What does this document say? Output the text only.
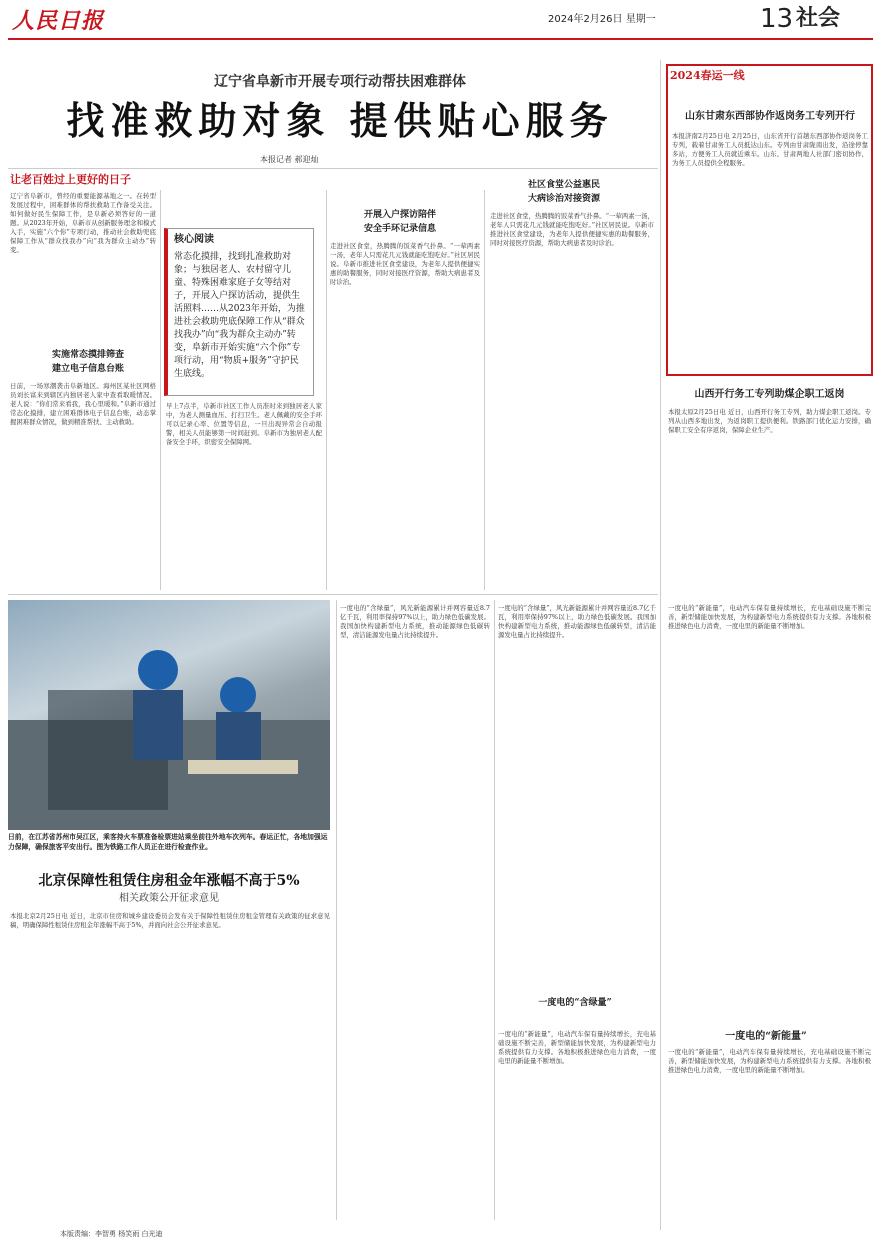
人民日报	2024年2月26日 星期一	13 社会
辽宁省阜新市开展专项行动帮扶困难群体
找准救助对象 提供贴心服务
本报记者 郝迎灿
让老百姓过上更好的日子
辽宁省阜新市，曾经的重要能源基地之一。在转型发展过程中，困难群体的帮扶救助工作备受关注。如何做好民生保障工作，是阜新必须答好的一道题。从2023年开始，阜新市从创新服务理念和模式入手，实施“六个你”专项行动，推动社会救助兜底保障工作从“群众找我办”向“我为群众主动办”转变。
日前，一场寒潮袭击阜新地区。海州区某社区网格员刘长富来到辖区内独居老人家中查看取暖情况。老人说：“你们常来看我，我心里暖和。”阜新市通过常态化摸排，建立困难群体电子信息台账，动态掌握困难群众情况，做到精准帮扶、主动救助。
核心阅读
常态化摸排，找到扎准救助对象；与独居老人、农村留守儿童、特殊困难家庭子女等结对子，开展入户探访活动，提供生活照料……从2023年开始，为推进社会救助兜底保障工作从“群众找我办”向“我为群众主动办”转变，阜新市开始实施“六个你”专项行动，用“物质+服务”守护民生底线。
早上7点半，阜新市社区工作人员准时来到独居老人家中，为老人测量血压、打扫卫生。老人佩戴的安全手环可以记录心率、位置等信息，一旦出现异常会自动报警，相关人员能够第一时间赶到。阜新市为独居老人配备安全手环，织密安全保障网。
实施常态摸排筛查
建立电子信息台账
开展入户探访陪伴
安全手环记录信息
走进社区食堂，热腾腾的饭菜香气扑鼻。“一荤两素一汤，老年人只需花几元钱就能吃饱吃好。”社区居民说。阜新市推进社区食堂建设，为老年人提供便捷实惠的助餐服务，同时对接医疗资源，帮助大病患者及时诊治。
社区食堂公益惠民
大病诊治对接资源
走进社区食堂，热腾腾的饭菜香气扑鼻。“一荤两素一汤，老年人只需花几元钱就能吃饱吃好。”社区居民说。阜新市推进社区食堂建设，为老年人提供便捷实惠的助餐服务，同时对接医疗资源，帮助大病患者及时诊治。
2024春运一线
山东甘肃东西部协作返岗务工专列开行
本报济南2月25日电 2月25日，山东省开行首趟东西部协作返岗务工专列，载着甘肃务工人员抵达山东。专列由甘肃陇南出发，沿途停靠多站，方便务工人员就近乘车。山东、甘肃两地人社部门密切协作，为务工人员提供全程服务。
山西开行务工专列助煤企职工返岗
本报太原2月25日电 近日，山西开行务工专列，助力煤企职工返岗。专列从山西多地出发，为返岗职工提供便利。铁路部门优化运力安排，确保职工安全有序返岗，保障企业生产。
日前，在江苏省苏州市吴江区，乘客持火车票准备检票进站乘坐前往外地车次列车。春运正忙，各地加强运力保障，确保旅客平安出行。图为铁路工作人员正在进行检查作业。
北京保障性租赁住房租金年涨幅不高于5%
相关政策公开征求意见
本报北京2月25日电 近日，北京市住房和城乡建设委员会发布关于保障性租赁住房租金管理有关政策的征求意见稿，明确保障性租赁住房租金年涨幅不高于5%，并面向社会公开征求意见。
一度电的“含绿量”，风光新能源累计并网容量近8.7亿千瓦，利用率保持97%以上，助力绿色低碳发展。我国加快构建新型电力系统，推动能源绿色低碳转型，清洁能源发电量占比持续提升。
一度电的“含绿量”
一度电的“含绿量”，风光新能源累计并网容量近8.7亿千瓦，利用率保持97%以上，助力绿色低碳发展。我国加快构建新型电力系统，推动能源绿色低碳转型，清洁能源发电量占比持续提升。
一度电的“新能量”，电动汽车保有量持续增长，充电基础设施不断完善，新型储能加快发展，为构建新型电力系统提供有力支撑。各地积极推进绿色电力消费，一度电里的新能量不断增加。
一度电的“新能量”
一度电的“新能量”，电动汽车保有量持续增长，充电基础设施不断完善，新型储能加快发展，为构建新型电力系统提供有力支撑。各地积极推进绿色电力消费，一度电里的新能量不断增加。
一度电的“新能量”，电动汽车保有量持续增长，充电基础设施不断完善，新型储能加快发展，为构建新型电力系统提供有力支撑。各地积极推进绿色电力消费，一度电里的新能量不断增加。
本版责编：李智勇 杨笑雨 白光迪
